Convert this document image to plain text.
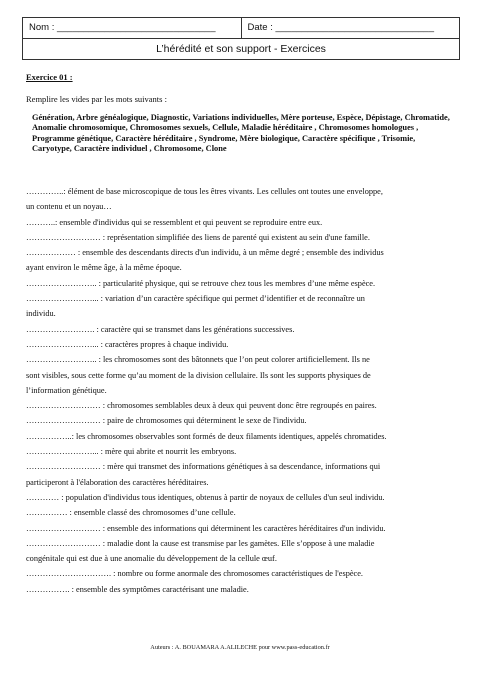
Nom : ______________________________	Date : ______________________________
L’hérédité et son support - Exercices
Exercice 01 :
Remplire les vides par les mots suivants :
Génération, Arbre généalogique, Diagnostic, Variations individuelles, Mère porteuse, Espèce, Dépistage, Chromatide, Anomalie chromosomique, Chromosomes sexuels, Cellule, Maladie héréditaire , Chromosomes homologues , Programme génétique, Caractère héréditaire , Syndrome, Mère biologique, Caractère spécifique , Trisomie, Caryotype, Caractère individuel , Chromosome, Clone
…………..: élément de base microscopique de tous les êtres vivants. Les cellules ont toutes une enveloppe,
un contenu et un noyau…
………..: ensemble d'individus qui se ressemblent et qui peuvent se reproduire entre eux.
……………………… : représentation simplifiée des liens de parenté qui existent au sein d'une famille.
……………… : ensemble des descendants directs d'un individu, à un même degré ; ensemble des individus
ayant environ le même âge, à la même époque.
…………………….. : particularité physique, qui se retrouve chez tous les membres d’une même espèce.
……………………... : variation d’un caractère spécifique qui permet d’identifier et de reconnaître un
individu.
……………………. : caractère qui se transmet dans les générations successives.
……………………... : caractères propres à chaque individu.
…………………….. : les chromosomes sont des bâtonnets que l’on peut colorer artificiellement. Ils ne
sont visibles, sous cette forme qu’au moment de la division cellulaire. Ils sont les supports physiques de
l’information génétique.
……………………… : chromosomes semblables deux à deux qui peuvent donc être regroupés en paires.
……………………… : paire de chromosomes qui déterminent le sexe de l'individu.
……………..: les chromosomes observables sont formés de deux filaments identiques, appelés chromatides.
……………………... : mère qui abrite et nourrit les embryons.
……………………… : mère qui transmet des informations génétiques à sa descendance, informations qui
participeront à l'élaboration des caractères héréditaires.
………… : population d'individus tous identiques, obtenus à partir de noyaux de cellules d'un seul individu.
…………… : ensemble classé des chromosomes d’une cellule.
……………………… : ensemble des informations qui déterminent les caractères héréditaires d'un individu.
……………………… : maladie dont la cause est transmise par les gamètes. Elle s’oppose à une maladie
congénitale qui est due à une anomalie du développement de la cellule œuf.
…………………………. : nombre ou forme anormale des chromosomes caractéristiques de l'espèce.
……………. : ensemble des symptômes caractérisant une maladie.
Auteurs : A. BOUAMARA A.ALILECHE pour www.pass-education.fr
